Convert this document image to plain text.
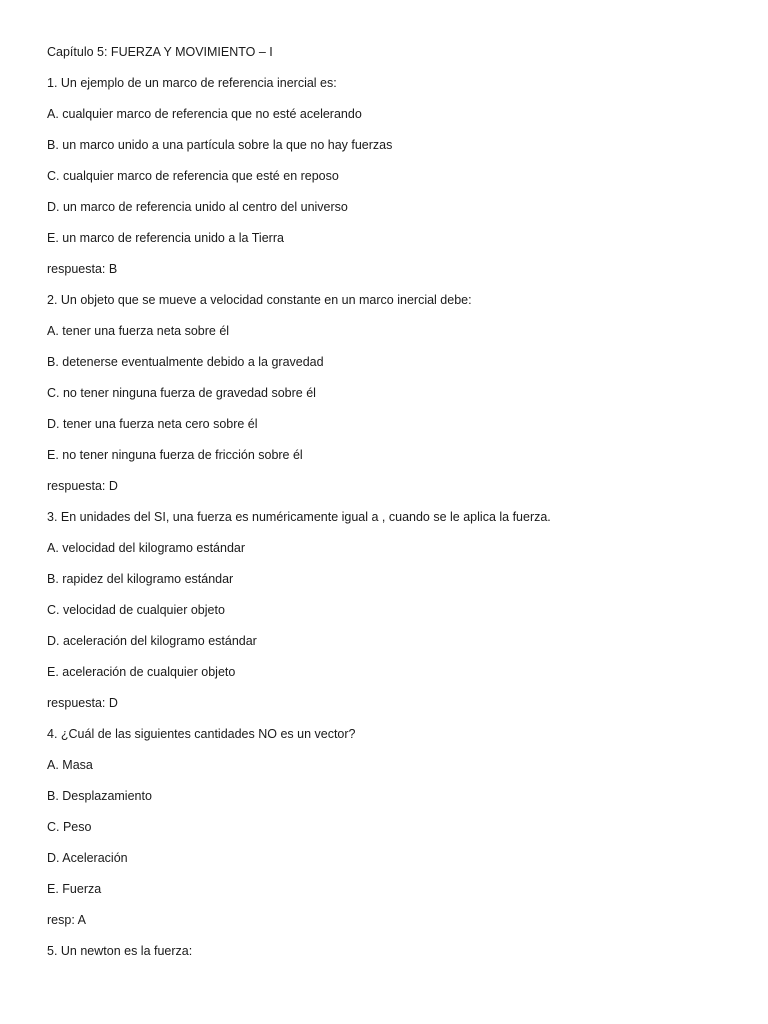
Capítulo 5: FUERZA Y MOVIMIENTO – I
1. Un ejemplo de un marco de referencia inercial es:
A. cualquier marco de referencia que no esté acelerando
B. un marco unido a una partícula sobre la que no hay fuerzas
C. cualquier marco de referencia que esté en reposo
D. un marco de referencia unido al centro del universo
E. un marco de referencia unido a la Tierra
respuesta: B
2. Un objeto que se mueve a velocidad constante en un marco inercial debe:
A. tener una fuerza neta sobre él
B. detenerse eventualmente debido a la gravedad
C. no tener ninguna fuerza de gravedad sobre él
D. tener una fuerza neta cero sobre él
E. no tener ninguna fuerza de fricción sobre él
respuesta: D
3. En unidades del SI, una fuerza es numéricamente igual a , cuando se le aplica la fuerza.
A. velocidad del kilogramo estándar
B. rapidez del kilogramo estándar
C. velocidad de cualquier objeto
D. aceleración del kilogramo estándar
E. aceleración de cualquier objeto
respuesta: D
4. ¿Cuál de las siguientes cantidades NO es un vector?
A. Masa
B. Desplazamiento
C. Peso
D. Aceleración
E. Fuerza
resp: A
5. Un newton es la fuerza:
